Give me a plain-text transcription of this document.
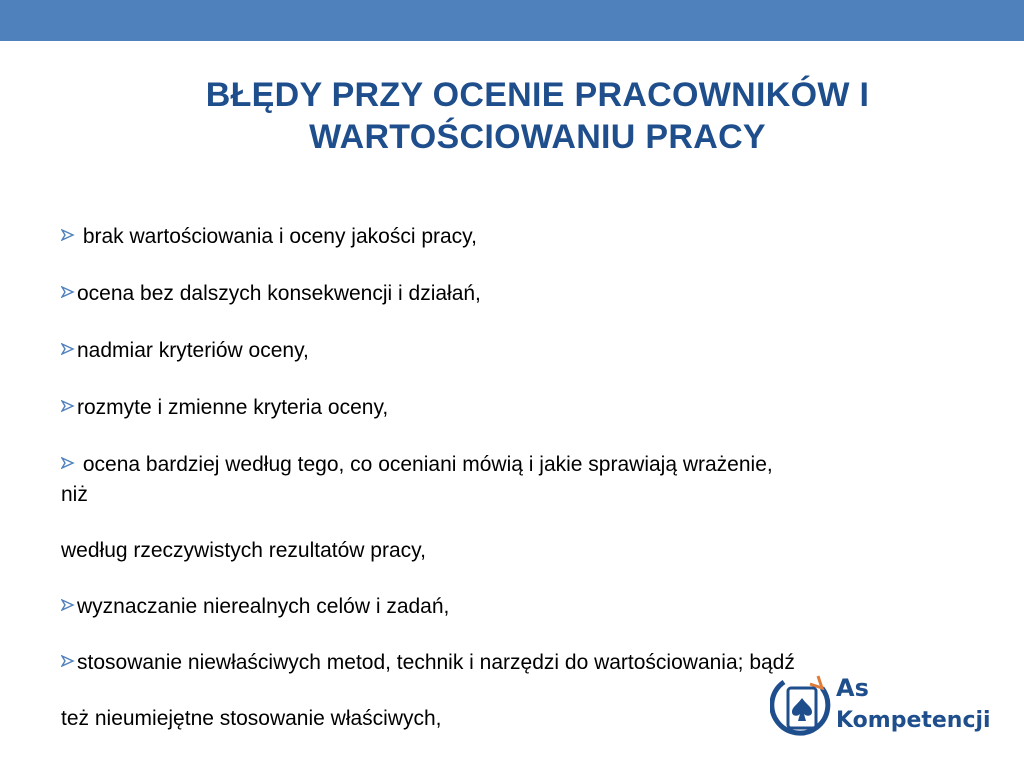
BŁĘDY PRZY OCENIE PRACOWNIKÓW I
WARTOŚCIOWANIU PRACY
brak wartościowania i oceny jakości pracy,
ocena bez dalszych konsekwencji i działań,
nadmiar kryteriów oceny,
rozmyte i zmienne kryteria oceny,
ocena bardziej według tego, co oceniani mówią i jakie sprawiają wrażenie,
niż
według rzeczywistych rezultatów pracy,
wyznaczanie nierealnych celów i zadań,
stosowanie niewłaściwych metod, technik i narzędzi do wartościowania; bądź
też nieumiejętne stosowanie właściwych,
As
Kompetencji
